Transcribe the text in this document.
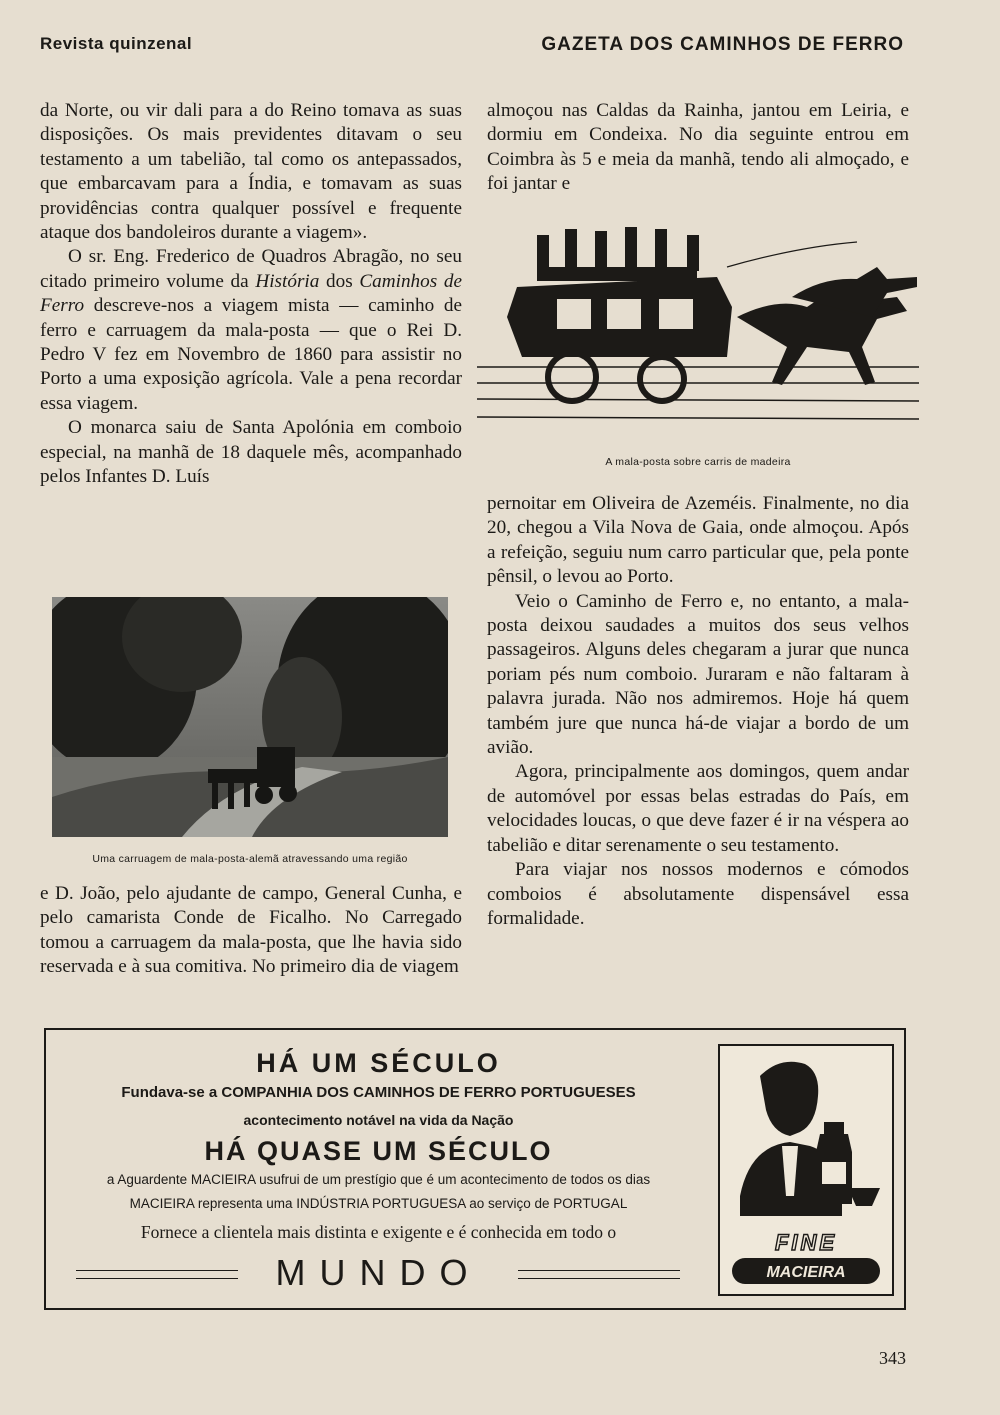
Revista quinzenal	GAZETA DOS CAMINHOS DE FERRO

da Norte, ou vir dali para a do Reino tomava as suas disposições. Os mais previdentes ditavam o seu testamento a um tabelião, tal como os antepassados, que embarcavam para a Índia, e tomavam as suas providências contra qualquer possível e frequente ataque dos bandoleiros durante a viagem».

O sr. Eng. Frederico de Quadros Abragão, no seu citado primeiro volume da História dos Caminhos de Ferro descreve-nos a viagem mista — caminho de ferro e carruagem da mala-posta — que o Rei D. Pedro V fez em Novembro de 1860 para assistir no Porto a uma exposição agrícola. Vale a pena recordar essa viagem.

O monarca saiu de Santa Apolónia em comboio especial, na manhã de 18 daquele mês, acompanhado pelos Infantes D. Luís

Uma carruagem de mala-posta-alemã atravessando uma região

e D. João, pelo ajudante de campo, General Cunha, e pelo camarista Conde de Ficalho. No Carregado tomou a carruagem da mala-posta, que lhe havia sido reservada e à sua comitiva. No primeiro dia de viagem

almoçou nas Caldas da Rainha, jantou em Leiria, e dormiu em Condeixa. No dia seguinte entrou em Coimbra às 5 e meia da manhã, tendo ali almoçado, e foi jantar e

A mala-posta sobre carris de madeira

pernoitar em Oliveira de Azeméis. Finalmente, no dia 20, chegou a Vila Nova de Gaia, onde almoçou. Após a refeição, seguiu num carro particular que, pela ponte pênsil, o levou ao Porto.

Veio o Caminho de Ferro e, no entanto, a mala-posta deixou saudades a muitos dos seus velhos passageiros. Alguns deles chegaram a jurar que nunca poriam pés num comboio. Juraram e não faltaram à palavra jurada. Não nos admiremos. Hoje há quem também jure que nunca há-de viajar a bordo de um avião.

Agora, principalmente aos domingos, quem andar de automóvel por essas belas estradas do País, em velocidades loucas, o que deve fazer é ir na véspera ao tabelião e ditar serenamente o seu testamento.

Para viajar nos nossos modernos e cómodos comboios é absolutamente dispensável essa formalidade.

HÁ UM SÉCULO
Fundava-se a COMPANHIA DOS CAMINHOS DE FERRO PORTUGUESES
acontecimento notável na vida da Nação
HÁ QUASE UM SÉCULO
a Aguardente MACIEIRA usufrui de um prestígio que é um acontecimento de todos os dias
MACIEIRA representa uma INDÚSTRIA PORTUGUESA ao serviço de PORTUGAL
Fornece a clientela mais distinta e exigente e é conhecida em todo o
MUNDO
FINE
MACIEIRA
343
